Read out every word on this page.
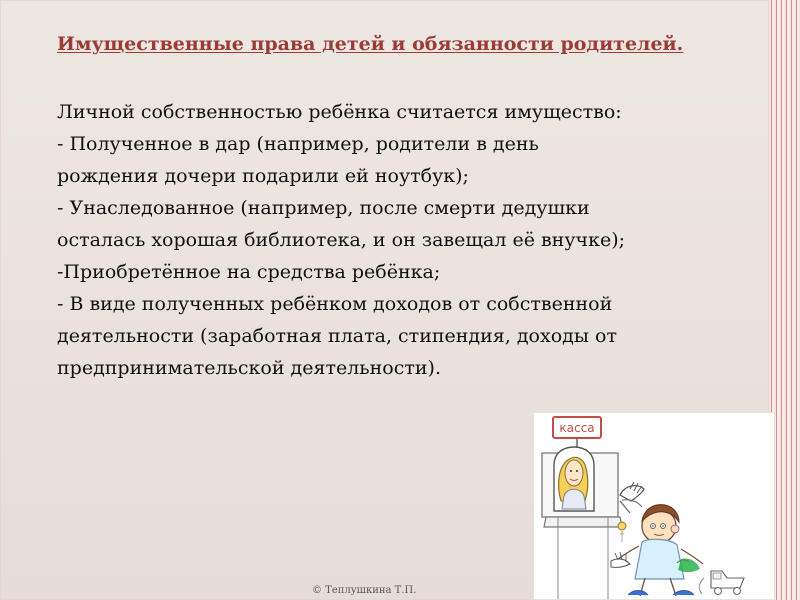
Имущественные права детей и обязанности родителей.
Личной собственностью ребёнка считается имущество:
- Полученное в дар (например, родители в день
рождения дочери подарили ей ноутбук);
- Унаследованное (например, после смерти дедушки
осталась хорошая библиотека, и он завещал её внучке);
-Приобретённое на средства ребёнка;
- В виде полученных ребёнком доходов от собственной
деятельности (заработная плата, стипендия, доходы от
предпринимательской деятельности).
касса
© Теплушкина Т.П.
